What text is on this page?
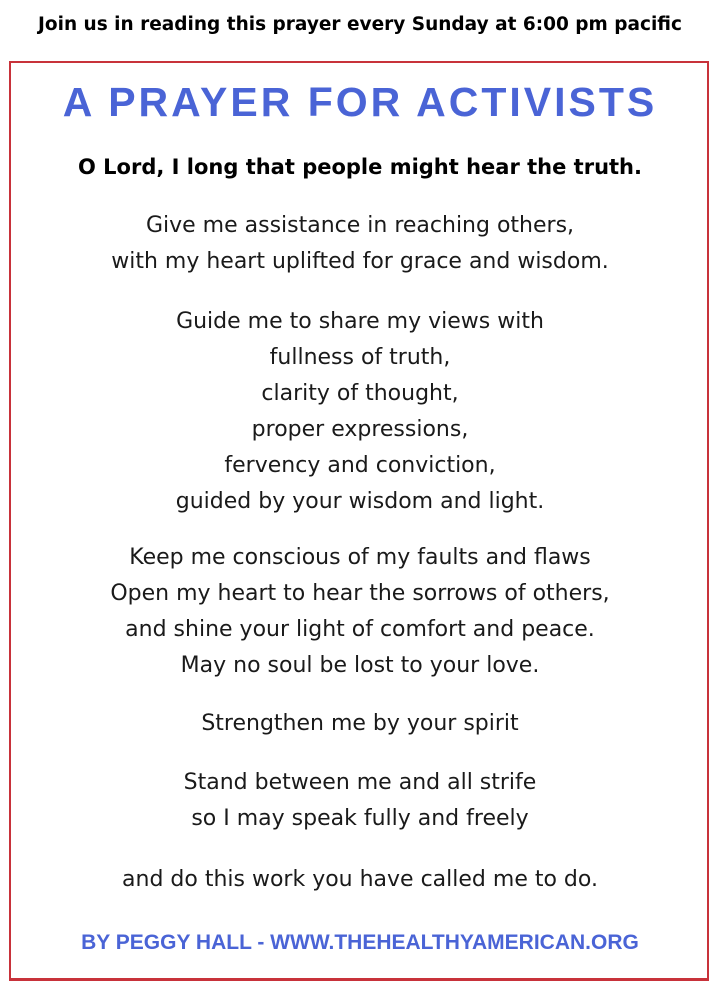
Join us in reading this prayer every Sunday at 6:00 pm pacific
A PRAYER FOR ACTIVISTS
O Lord, I long that people might hear the truth.
Give me assistance in reaching others,
with my heart uplifted for grace and wisdom.
Guide me to share my views with
fullness of truth,
clarity of thought,
proper expressions,
fervency and conviction,
guided by your wisdom and light.
Keep me conscious of my faults and flaws
Open my heart to hear the sorrows of others,
and shine your light of comfort and peace.
May no soul be lost to your love.
Strengthen me by your spirit
Stand between me and all strife
so I may speak fully and freely
and do this work you have called me to do.
BY PEGGY HALL - WWW.THEHEALTHYAMERICAN.ORG
